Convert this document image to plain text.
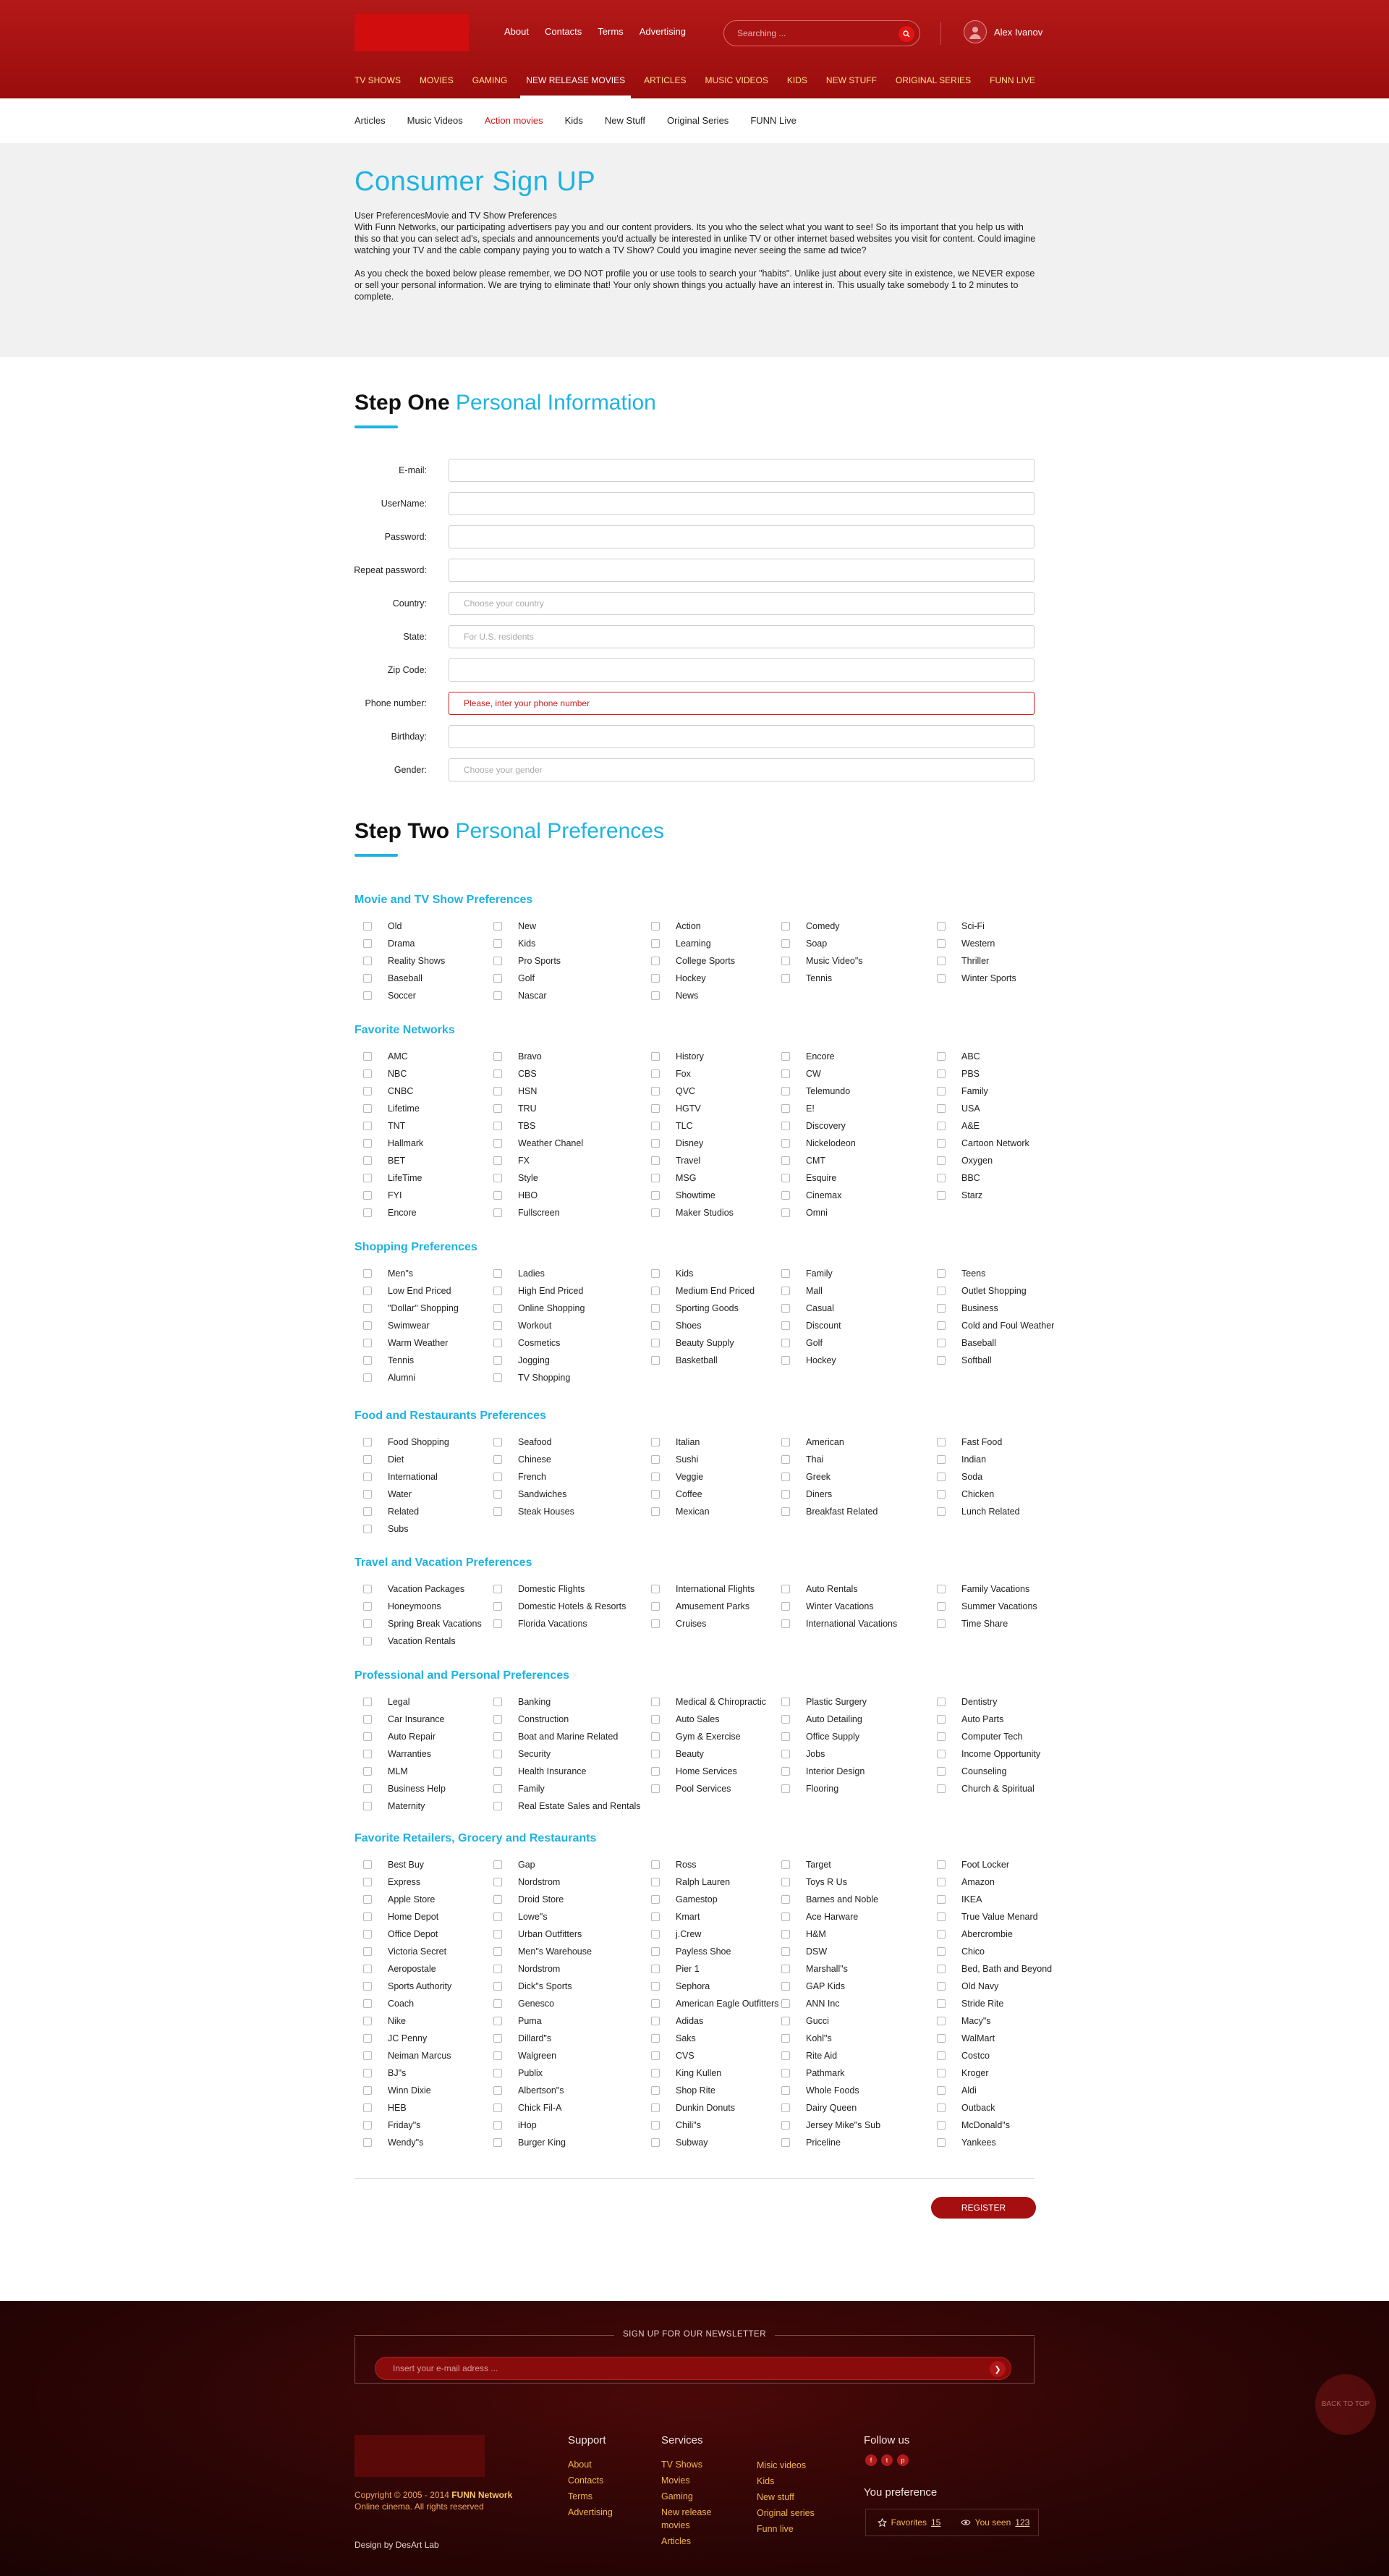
About Contacts Terms Advertising
Searching ...	Alex Ivanov
TV SHOWS MOVIES GAMING NEW RELEASE MOVIES ARTICLES MUSIC VIDEOS KIDS NEW STUFF ORIGINAL SERIES FUNN LIVE
Articles Music Videos Action movies Kids New Stuff Original Series FUNN Live
Consumer Sign UP

User PreferencesMovie and TV Show Preferences
With Funn Networks, our participating advertisers pay you and our content providers. Its you who the select what you want to see! So its important that you help us with this so that you can select ad's, specials and announcements you'd actually be interested in unlike TV or other internet based websites you visit for content. Could imagine watching your TV and the cable company paying you to watch a TV Show? Could you imagine never seeing the same ad twice?

As you check the boxed below please remember, we DO NOT profile you or use tools to search your "habits". Unlike just about every site in existence, we NEVER expose or sell your personal information. We are trying to eliminate that! Your only shown things you actually have an interest in. This usually take somebody 1 to 2 minutes to complete.

Step One Personal Information
E-mail:
UserName:
Password:
Repeat password:
Country:
Choose your country
State:
For U.S. residents
Zip Code:
Phone number:
Please, inter your phone number
Birthday:
Gender:
Choose your gender
Step Two Personal Preferences
Movie and TV Show Preferences
Old	New	Action	Comedy	Sci-Fi
Drama	Kids	Learning	Soap	Western
Reality Shows	Pro Sports	College Sports	Music Video"s	Thriller
Baseball	Golf	Hockey	Tennis	Winter Sports
Soccer	Nascar	News
Favorite Networks
AMC	Bravo	History	Encore	ABC
NBC	CBS	Fox	CW	PBS
CNBC	HSN	QVC	Telemundo	Family
Lifetime	TRU	HGTV	E!	USA
TNT	TBS	TLC	Discovery	A&E
Hallmark	Weather Chanel	Disney	Nickelodeon	Cartoon Network
BET	FX	Travel	CMT	Oxygen
LifeTime	Style	MSG	Esquire	BBC
FYI	HBO	Showtime	Cinemax	Starz
Encore	Fullscreen	Maker Studios	Omni
Shopping Preferences
Men"s	Ladies	Kids	Family	Teens
Low End Priced	High End Priced	Medium End Priced	Mall	Outlet Shopping
"Dollar" Shopping	Online Shopping	Sporting Goods	Casual	Business
Swimwear	Workout	Shoes	Discount	Cold and Foul Weather
Warm Weather	Cosmetics	Beauty Supply	Golf	Baseball
Tennis	Jogging	Basketball	Hockey	Softball
Alumni	TV Shopping
Food and Restaurants Preferences
Food Shopping	Seafood	Italian	American	Fast Food
Diet	Chinese	Sushi	Thai	Indian
International	French	Veggie	Greek	Soda
Water	Sandwiches	Coffee	Diners	Chicken
Related	Steak Houses	Mexican	Breakfast Related	Lunch Related
Subs
Travel and Vacation Preferences
Vacation Packages	Domestic Flights	International Flights	Auto Rentals	Family Vacations
Honeymoons	Domestic Hotels & Resorts	Amusement Parks	Winter Vacations	Summer Vacations
Spring Break Vacations	Florida Vacations	Cruises	International Vacations	Time Share
Vacation Rentals
Professional and Personal Preferences
Legal	Banking	Medical & Chiropractic	Plastic Surgery	Dentistry
Car Insurance	Construction	Auto Sales	Auto Detailing	Auto Parts
Auto Repair	Boat and Marine Related	Gym & Exercise	Office Supply	Computer Tech
Warranties	Security	Beauty	Jobs	Income Opportunity
MLM	Health Insurance	Home Services	Interior Design	Counseling
Business Help	Family	Pool Services	Flooring	Church & Spiritual
Maternity	Real Estate Sales and Rentals
Favorite Retailers, Grocery and Restaurants
Best Buy	Gap	Ross	Target	Foot Locker
Express	Nordstrom	Ralph Lauren	Toys R Us	Amazon
Apple Store	Droid Store	Gamestop	Barnes and Noble	IKEA
Home Depot	Lowe"s	Kmart	Ace Harware	True Value Menard
Office Depot	Urban Outfitters	j.Crew	H&M	Abercrombie
Victoria Secret	Men"s Warehouse	Payless Shoe	DSW	Chico
Aeropostale	Nordstrom	Pier 1	Marshall"s	Bed, Bath and Beyond
Sports Authority	Dick"s Sports	Sephora	GAP Kids	Old Navy
Coach	Genesco	American Eagle Outfitters	ANN Inc	Stride Rite
Nike	Puma	Adidas	Gucci	Macy"s
JC Penny	Dillard"s	Saks	Kohl"s	WalMart
Neiman Marcus	Walgreen	CVS	Rite Aid	Costco
BJ"s	Publix	King Kullen	Pathmark	Kroger
Winn Dixie	Albertson"s	Shop Rite	Whole Foods	Aldi
HEB	Chick Fil-A	Dunkin Donuts	Dairy Queen	Outback
Friday"s	iHop	Chili"s	Jersey Mike"s Sub	McDonald"s
Wendy"s	Burger King	Subway	Priceline	Yankees
REGISTER
SIGN UP FOR OUR NEWSLETTER
Insert your e-mail adress ...
❯
BACK TO TOP
Copyright © 2005 - 2014 FUNN Network
Online cinema. All rights reserved
Design by DesArt Lab
Support
About
Contacts
Terms
Advertising
Services
TV Shows
Movies
Gaming
New release movies
Articles
Misic videos
Kids
New stuff
Original series
Funn live
Follow us
f	t	p
You preference
Favorites 15	You seen 123
